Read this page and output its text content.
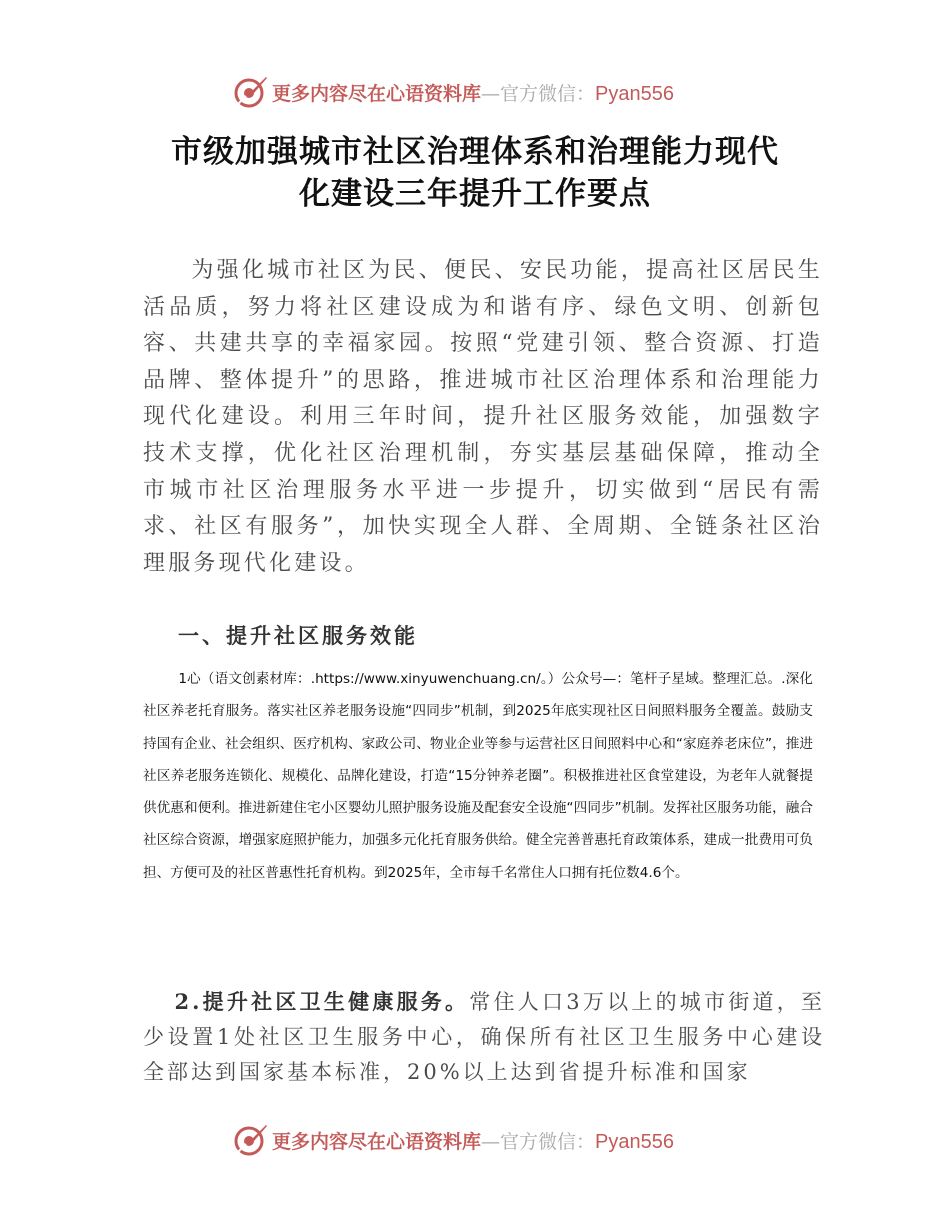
更多内容尽在心语资料库—官方微信：Pyan556
市级加强城市社区治理体系和治理能力现代
化建设三年提升工作要点

为强化城市社区为民、便民、安民功能，提高社区居民生活品质，努力将社区建设成为和谐有序、绿色文明、创新包容、共建共享的幸福家园。按照“党建引领、整合资源、打造品牌、整体提升”的思路，推进城市社区治理体系和治理能力现代化建设。利用三年时间，提升社区服务效能，加强数字技术支撑，优化社区治理机制，夯实基层基础保障，推动全市城市社区治理服务水平进一步提升，切实做到“居民有需求、社区有服务”，加快实现全人群、全周期、全链条社区治理服务现代化建设。

一、提升社区服务效能

1心（语文创素材库：.https://www.xinyuwenchuang.cn/。）公众号—：笔杆子星域。整理汇总。.深化社区养老托育服务。落实社区养老服务设施“四同步”机制，到2025年底实现社区日间照料服务全覆盖。鼓励支持国有企业、社会组织、医疗机构、家政公司、物业企业等参与运营社区日间照料中心和“家庭养老床位”，推进社区养老服务连锁化、规模化、品牌化建设，打造“15分钟养老圈”。积极推进社区食堂建设，为老年人就餐提供优惠和便利。推进新建住宅小区婴幼儿照护服务设施及配套安全设施“四同步”机制。发挥社区服务功能，融合社区综合资源，增强家庭照护能力，加强多元化托育服务供给。健全完善普惠托育政策体系，建成一批费用可负担、方便可及的社区普惠性托育机构。到2025年，全市每千名常住人口拥有托位数4.6个。

2.提升社区卫生健康服务。常住人口3万以上的城市街道，至少设置1处社区卫生服务中心，确保所有社区卫生服务中心建设全部达到国家基本标准，20%以上达到省提升标准和国家

更多内容尽在心语资料库—官方微信：Pyan556
